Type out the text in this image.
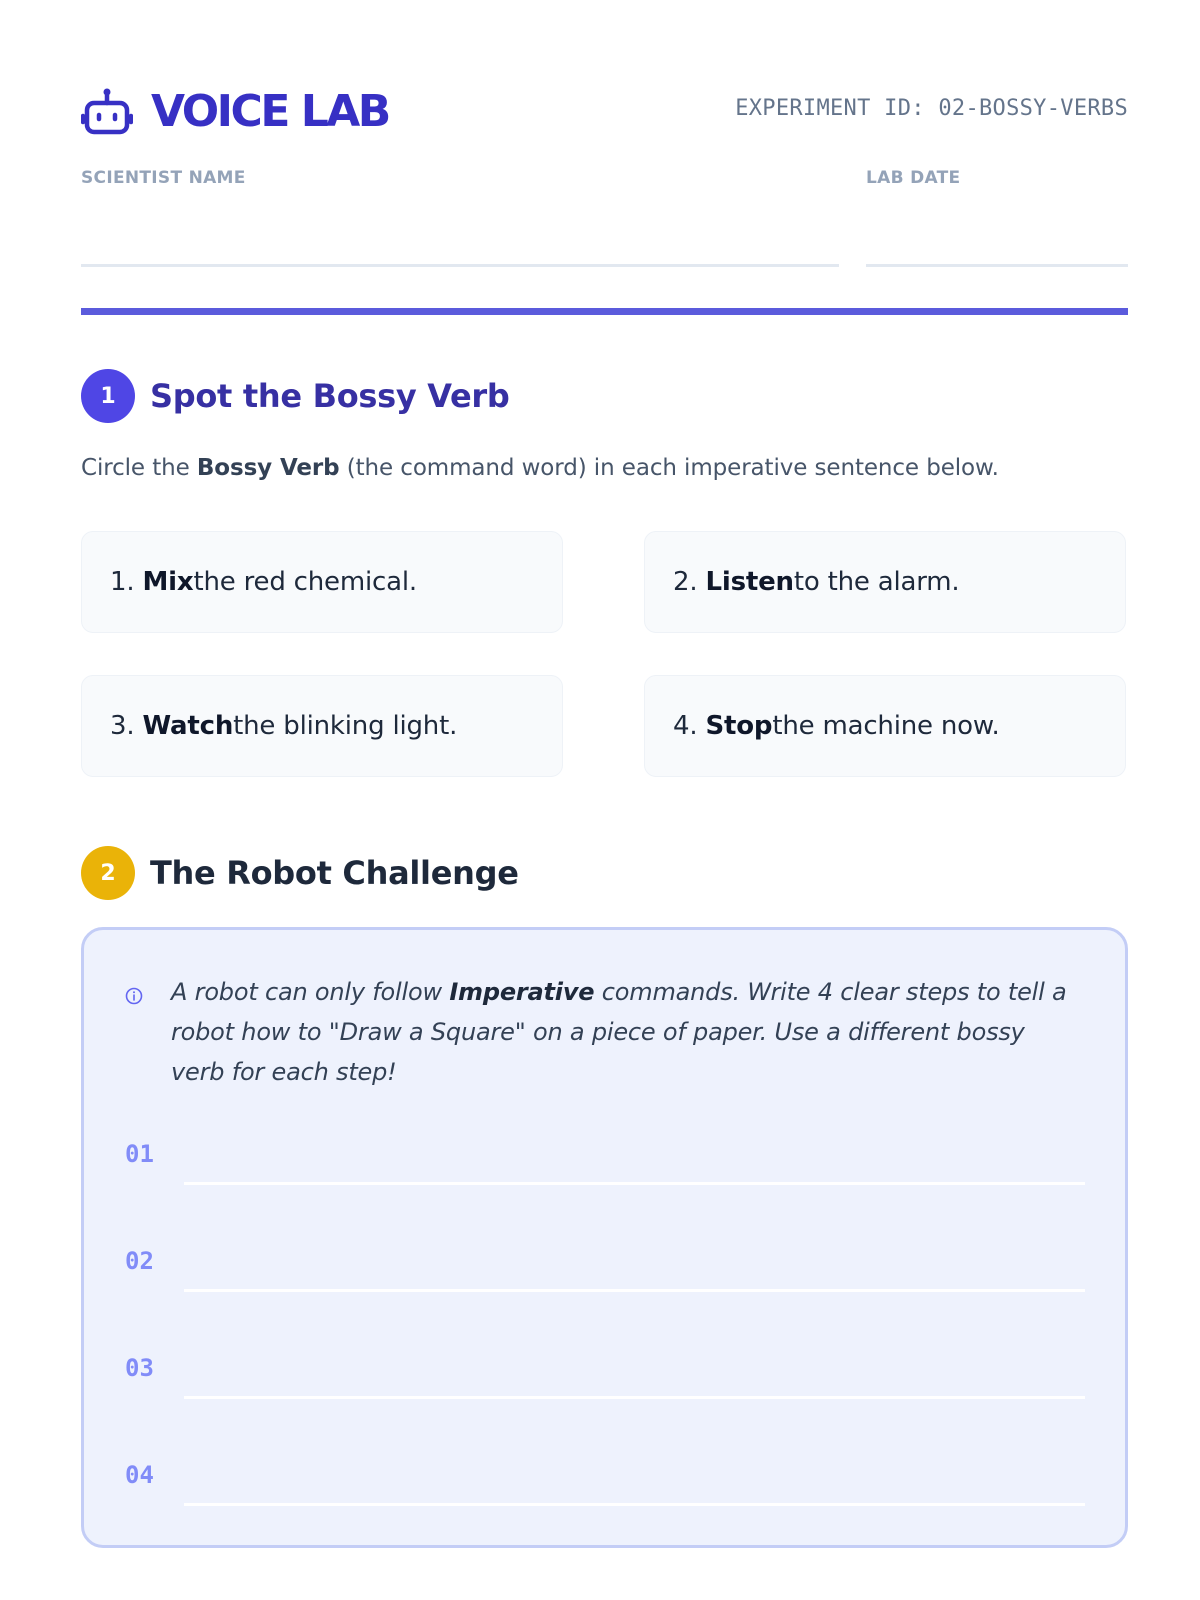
VOICE LAB	EXPERIMENT ID: 02-BOSSY-VERBS
SCIENTIST NAME	LAB DATE
1	Spot the Bossy Verb
Circle the Bossy Verb (the command word) in each imperative sentence below.
1.
Mix the red chemical.	2.
Listen to the alarm.
3.
Watch the blinking light.	4.
Stop the machine now.
2	The Robot Challenge
A robot can only follow Imperative commands. Write 4 clear steps to tell a robot how to "Draw a Square" on a piece of paper. Use a different bossy verb for each step!
01
02
03
04
